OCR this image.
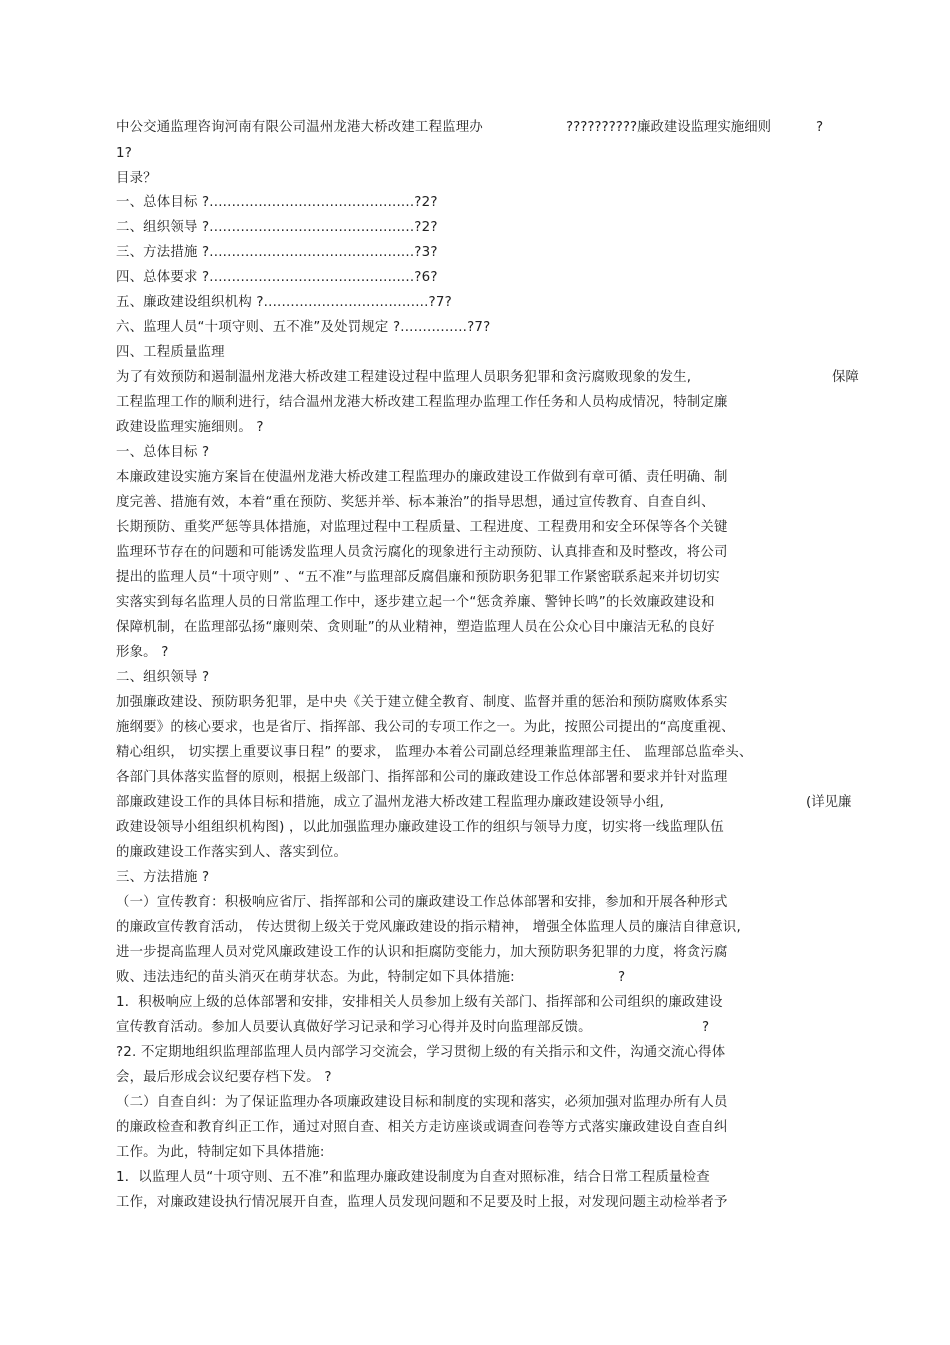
中公交通监理咨询河南有限公司温州龙港大桥改建工程监理办	??????????廉政建设监理实施细则	?
1?
目录？
一、总体目标 ?..............................................?2?
二、组织领导 ?..............................................?2?
三、方法措施 ?..............................................?3?
四、总体要求 ?..............................................?6?
五、廉政建设组织机构 ?.....................................?7?
六、监理人员“十项守则、五不准”及处罚规定 ?...............?7?
四、工程质量监理
为了有效预防和遏制温州龙港大桥改建工程建设过程中监理人员职务犯罪和贪污腐败现象的发生,	保障
工程监理工作的顺利进行，结合温州龙港大桥改建工程监理办监理工作任务和人员构成情况，特制定廉
政建设监理实施细则。 ?
一、总体目标 ?
本廉政建设实施方案旨在使温州龙港大桥改建工程监理办的廉政建设工作做到有章可循、责任明确、制
度完善、措施有效，本着“重在预防、奖惩并举、标本兼治”的指导思想，通过宣传教育、自查自纠、
长期预防、重奖严惩等具体措施，对监理过程中工程质量、工程进度、工程费用和安全环保等各个关键
监理环节存在的问题和可能诱发监理人员贪污腐化的现象进行主动预防、认真排查和及时整改，将公司
提出的监理人员“十项守则” 、“五不准”与监理部反腐倡廉和预防职务犯罪工作紧密联系起来并切切实
实落实到每名监理人员的日常监理工作中，逐步建立起一个“惩贪养廉、警钟长鸣”的长效廉政建设和
保障机制，在监理部弘扬“廉则荣、贪则耻”的从业精神，塑造监理人员在公众心目中廉洁无私的良好
形象。 ?
二、组织领导 ?
加强廉政建设、预防职务犯罪，是中央《关于建立健全教育、制度、监督并重的惩治和预防腐败体系实
施纲要》的核心要求，也是省厅、指挥部、我公司的专项工作之一。为此，按照公司提出的“高度重视、
精心组织， 切实摆上重要议事日程” 的要求， 监理办本着公司副总经理兼监理部主任、 监理部总监牵头、
各部门具体落实监督的原则，根据上级部门、指挥部和公司的廉政建设工作总体部署和要求并针对监理
部廉政建设工作的具体目标和措施，成立了温州龙港大桥改建工程监理办廉政建设领导小组,	(详见廉
政建设领导小组组织机构图) ，以此加强监理办廉政建设工作的组织与领导力度，切实将一线监理队伍
的廉政建设工作落实到人、落实到位。
三、方法措施 ?
（一）宣传教育：积极响应省厅、指挥部和公司的廉政建设工作总体部署和安排，参加和开展各种形式
的廉政宣传教育活动， 传达贯彻上级关于党风廉政建设的指示精神， 增强全体监理人员的廉洁自律意识,
进一步提高监理人员对党风廉政建设工作的认识和拒腐防变能力，加大预防职务犯罪的力度，将贪污腐
败、违法违纪的苗头消灭在萌芽状态。为此，特制定如下具体措施:	?
1．积极响应上级的总体部署和安排，安排相关人员参加上级有关部门、指挥部和公司组织的廉政建设
宣传教育活动。参加人员要认真做好学习记录和学习心得并及时向监理部反馈。	?
?2. 不定期地组织监理部监理人员内部学习交流会，学习贯彻上级的有关指示和文件，沟通交流心得体
会，最后形成会议纪要存档下发。 ?
（二）自查自纠：为了保证监理办各项廉政建设目标和制度的实现和落实，必须加强对监理办所有人员
的廉政检查和教育纠正工作，通过对照自查、相关方走访座谈或调查问卷等方式落实廉政建设自查自纠
工作。为此，特制定如下具体措施:
1．以监理人员“十项守则、五不准”和监理办廉政建设制度为自查对照标准，结合日常工程质量检查
工作，对廉政建设执行情况展开自查，监理人员发现问题和不足要及时上报，对发现问题主动检举者予
